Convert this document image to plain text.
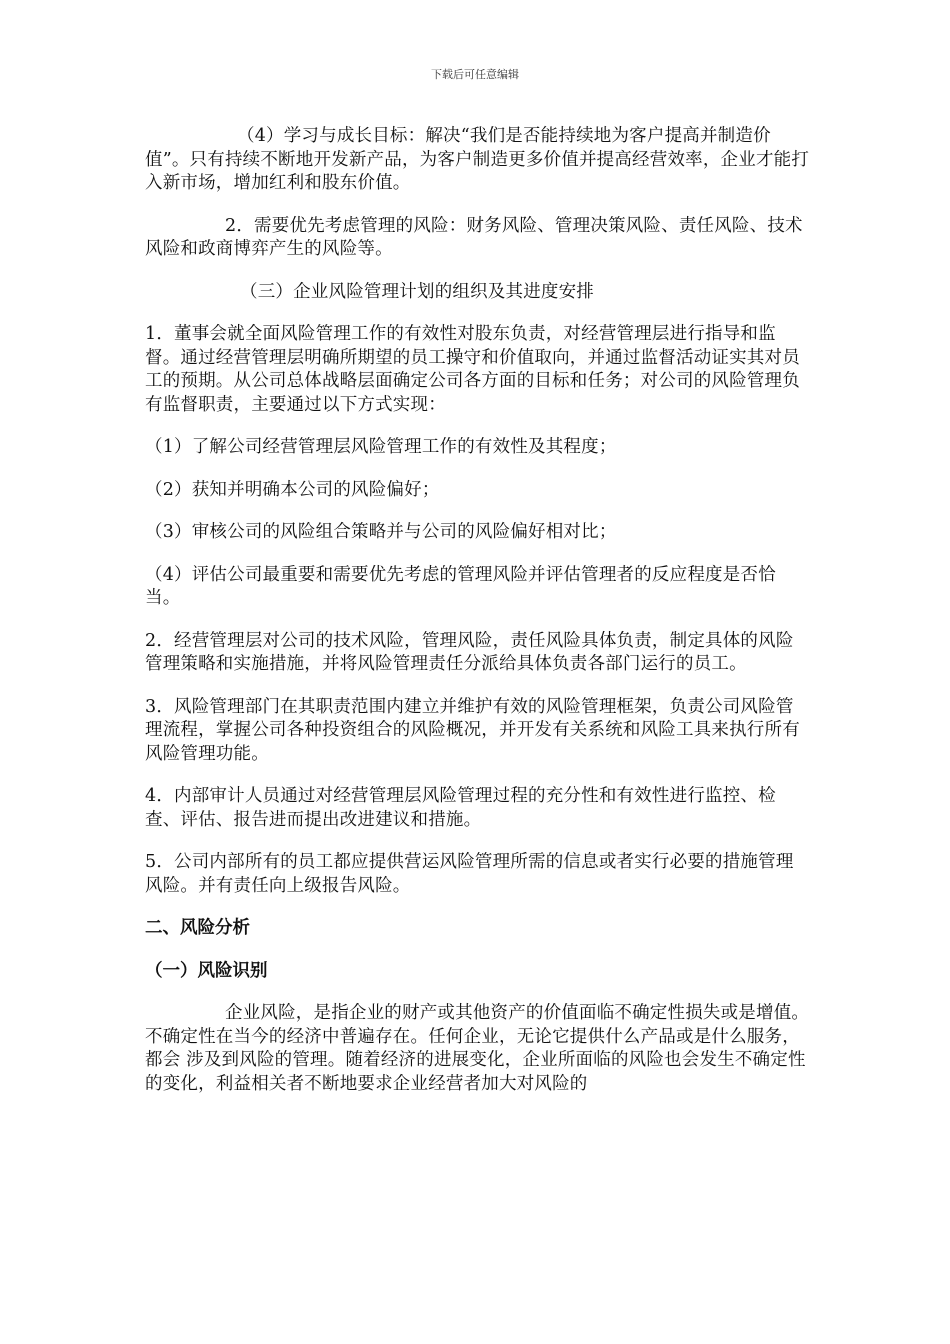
下载后可任意编辑

（4）学习与成长目标：解决“我们是否能持续地为客户提高并制造价值”。只有持续不断地开发新产品，为客户制造更多价值并提高经营效率，企业才能打入新市场，增加红利和股东价值。

2．需要优先考虑管理的风险：财务风险、管理决策风险、责任风险、技术风险和政商博弈产生的风险等。

（三）企业风险管理计划的组织及其进度安排

1．董事会就全面风险管理工作的有效性对股东负责，对经营管理层进行指导和监督。通过经营管理层明确所期望的员工操守和价值取向，并通过监督活动证实其对员工的预期。从公司总体战略层面确定公司各方面的目标和任务；对公司的风险管理负有监督职责，主要通过以下方式实现：

（1）了解公司经营管理层风险管理工作的有效性及其程度；

（2）获知并明确本公司的风险偏好；

（3）审核公司的风险组合策略并与公司的风险偏好相对比；

（4）评估公司最重要和需要优先考虑的管理风险并评估管理者的反应程度是否恰当。

2．经营管理层对公司的技术风险，管理风险，责任风险具体负责，制定具体的风险管理策略和实施措施，并将风险管理责任分派给具体负责各部门运行的员工。

3．风险管理部门在其职责范围内建立并维护有效的风险管理框架，负责公司风险管理流程，掌握公司各种投资组合的风险概况，并开发有关系统和风险工具来执行所有风险管理功能。

4．内部审计人员通过对经营管理层风险管理过程的充分性和有效性进行监控、检查、评估、报告进而提出改进建议和措施。

5．公司内部所有的员工都应提供营运风险管理所需的信息或者实行必要的措施管理风险。并有责任向上级报告风险。

二、风险分析
（一）风险识别

企业风险，是指企业的财产或其他资产的价值面临不确定性损失或是增值。不确定性在当今的经济中普遍存在。任何企业，无论它提供什么产品或是什么服务，都会 涉及到风险的管理。随着经济的进展变化，企业所面临的风险也会发生不确定性的变化，利益相关者不断地要求企业经营者加大对风险的
